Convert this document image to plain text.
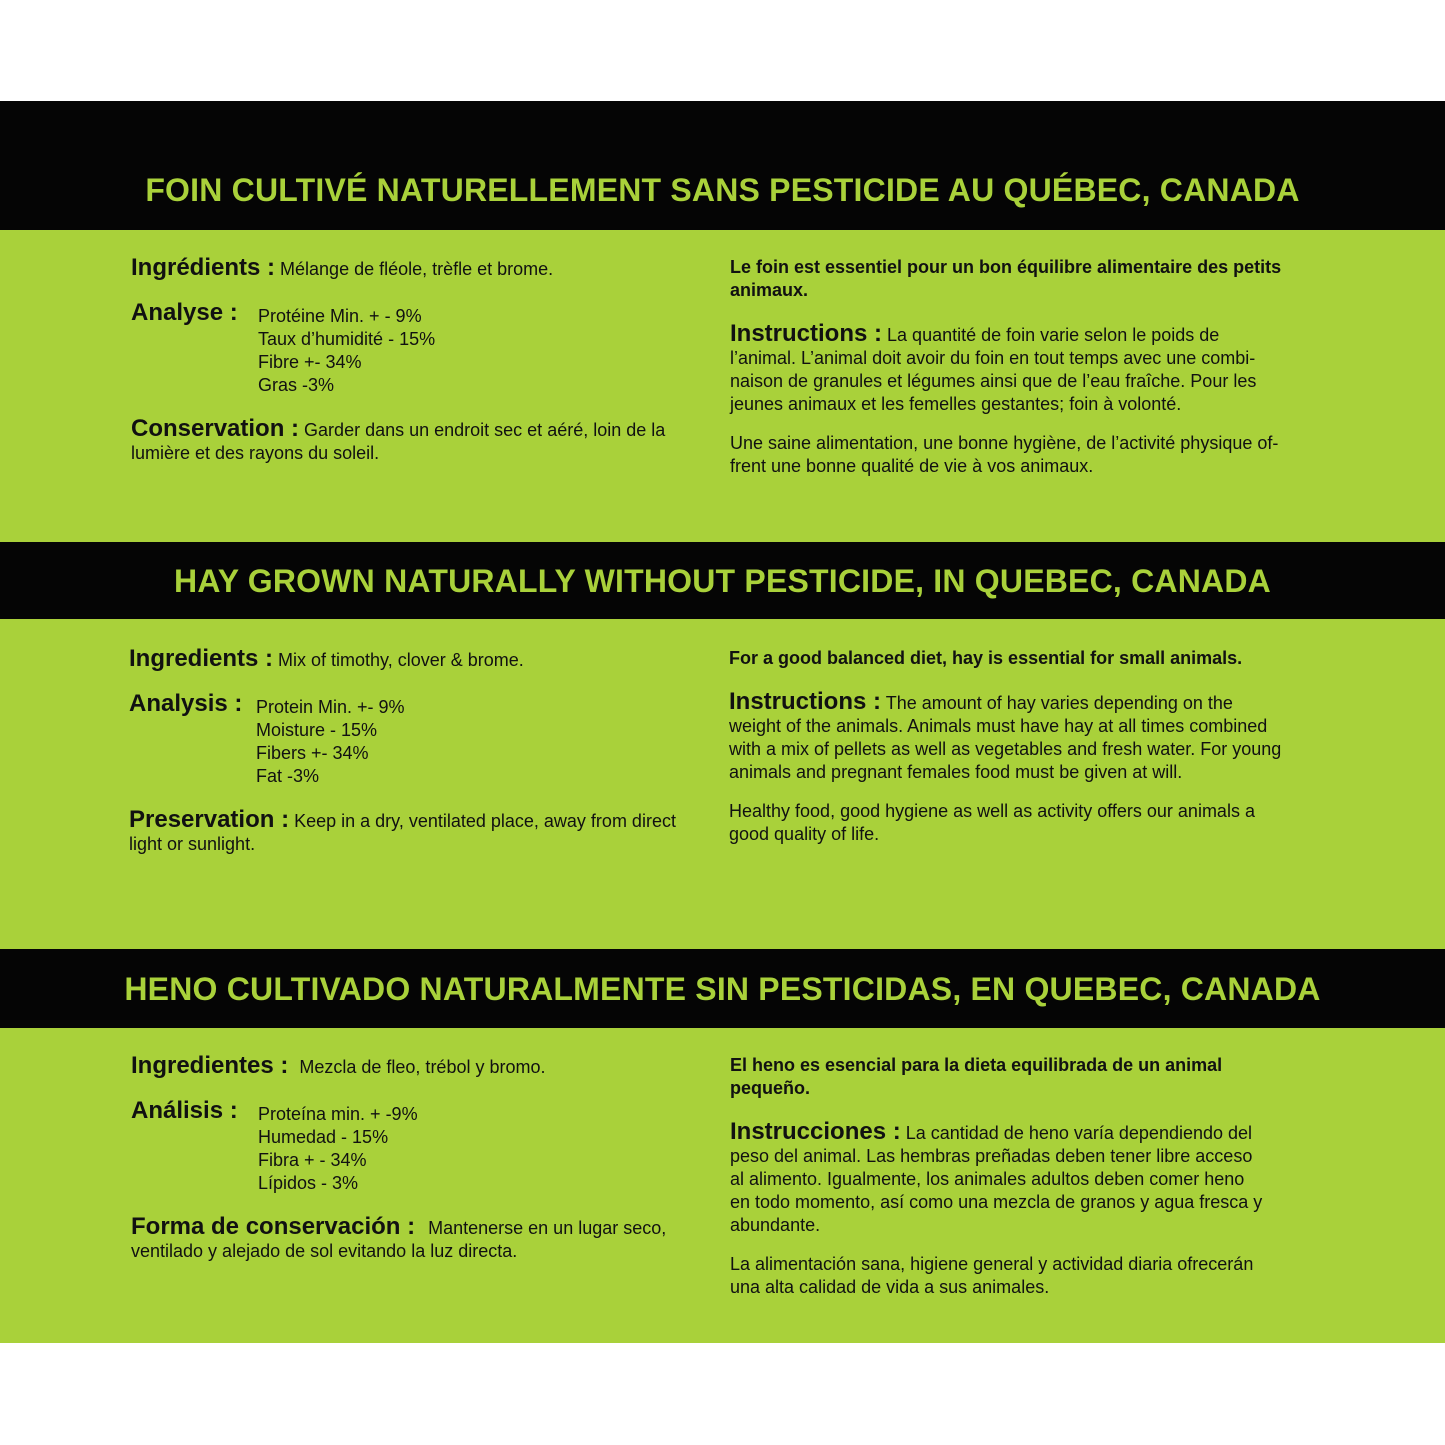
FOIN CULTIVÉ NATURELLEMENT SANS PESTICIDE AU QUÉBEC, CANADA
Ingrédients : Mélange de fléole, trèfle et brome.
Analyse : Protéine Min. + - 9%

Taux d’humidité - 15%

Fibre +- 34%

Gras -3%

Conservation : Garder dans un endroit sec et aéré, loin de la
lumière et des rayons du soleil.

Le foin est essentiel pour un bon équilibre alimentaire des petits

animaux.

Instructions : La quantité de foin varie selon le poids de

l’animal. L’animal doit avoir du foin en tout temps avec une combi-

naison de granules et légumes ainsi que de l’eau fraîche. Pour les

jeunes animaux et les femelles gestantes; foin à volonté.

Une saine alimentation, une bonne hygiène, de l’activité physique of-

frent une bonne qualité de vie à vos animaux.

HAY GROWN NATURALLY WITHOUT PESTICIDE, IN QUEBEC, CANADA
Ingredients : Mix of timothy, clover & brome.
Analysis : Protein Min. +- 9%

Moisture - 15%

Fibers +- 34%

Fat -3%

Preservation : Keep in a dry, ventilated place, away from direct
light or sunlight.

For a good balanced diet, hay is essential for small animals.

Instructions : The amount of hay varies depending on the

weight of the animals. Animals must have hay at all times combined

with a mix of pellets as well as vegetables and fresh water. For young

animals and pregnant females food must be given at will.

Healthy food, good hygiene as well as activity offers our animals a

good quality of life.

HENO CULTIVADO NATURALMENTE SIN PESTICIDAS, EN QUEBEC, CANADA
Ingredientes : Mezcla de fleo, trébol y bromo.
Análisis : Proteína min. + -9%

Humedad - 15%

Fibra + - 34%

Lípidos - 3%

Forma de conservación : Mantenerse en un lugar seco,
ventilado y alejado de sol evitando la luz directa.

El heno es esencial para la dieta equilibrada de un animal

pequeño.

Instrucciones : La cantidad de heno varía dependiendo del

peso del animal. Las hembras preñadas deben tener libre acceso

al alimento. Igualmente, los animales adultos deben comer heno

en todo momento, así como una mezcla de granos y agua fresca y

abundante.

La alimentación sana, higiene general y actividad diaria ofrecerán

una alta calidad de vida a sus animales.
